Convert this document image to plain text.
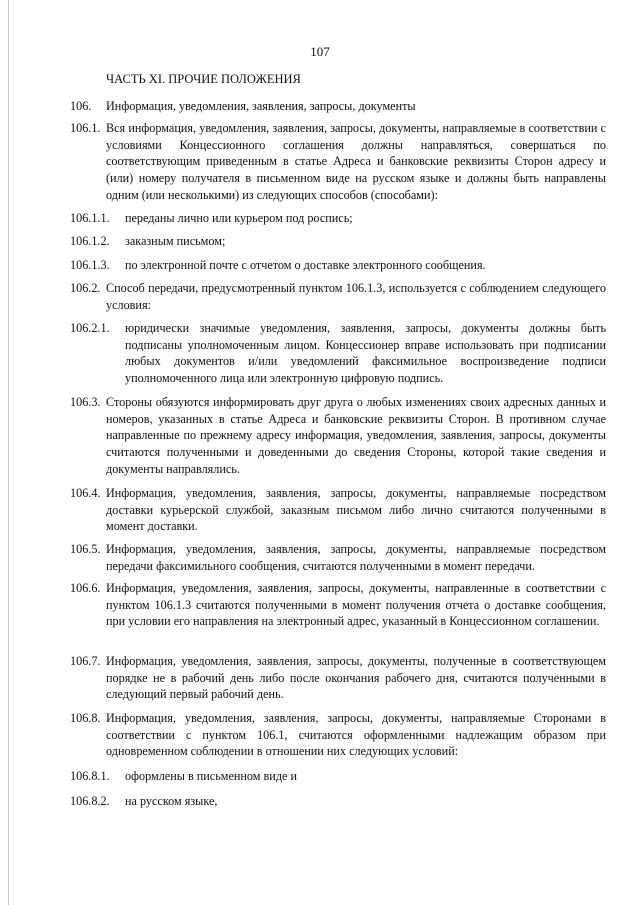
107
ЧАСТЬ XI. ПРОЧИЕ ПОЛОЖЕНИЯ
106. Информация, уведомления, заявления, запросы, документы
106.1. Вся информация, уведомления, заявления, запросы, документы, направляемые в соответствии с условиями Концессионного соглашения должны направляться, совершаться по соответствующим приведенным в статье Адреса и банковские реквизиты Сторон адресу и (или) номеру получателя в письменном виде на русском языке и должны быть направлены одним (или несколькими) из следующих способов (способами):
106.1.1. переданы лично или курьером под роспись;
106.1.2. заказным письмом;
106.1.3. по электронной почте с отчетом о доставке электронного сообщения.
106.2. Способ передачи, предусмотренный пунктом 106.1.3, используется с соблюдением следующего условия:
106.2.1. юридически значимые уведомления, заявления, запросы, документы должны быть подписаны уполномоченным лицом. Концессионер вправе использовать при подписании любых документов и/или уведомлений факсимильное воспроизведение подписи уполномоченного лица или электронную цифровую подпись.
106.3. Стороны обязуются информировать друг друга о любых изменениях своих адресных данных и номеров, указанных в статье Адреса и банковские реквизиты Сторон. В противном случае направленные по прежнему адресу информация, уведомления, заявления, запросы, документы считаются полученными и доведенными до сведения Стороны, которой такие сведения и документы направлялись.
106.4. Информация, уведомления, заявления, запросы, документы, направляемые посредством доставки курьерской службой, заказным письмом либо лично считаются полученными в момент доставки.
106.5. Информация, уведомления, заявления, запросы, документы, направляемые посредством передачи факсимильного сообщения, считаются полученными в момент передачи.
106.6. Информация, уведомления, заявления, запросы, документы, направленные в соответствии с пунктом 106.1.3 считаются полученными в момент получения отчета о доставке сообщения, при условии его направления на электронный адрес, указанный в Концессионном соглашении.
106.7. Информация, уведомления, заявления, запросы, документы, полученные в соответствующем порядке не в рабочий день либо после окончания рабочего дня, считаются полученными в следующий первый рабочий день.
106.8. Информация, уведомления, заявления, запросы, документы, направляемые Сторонами в соответствии с пунктом 106.1, считаются оформленными надлежащим образом при одновременном соблюдении в отношении них следующих условий:
106.8.1. оформлены в письменном виде и
106.8.2. на русском языке,
